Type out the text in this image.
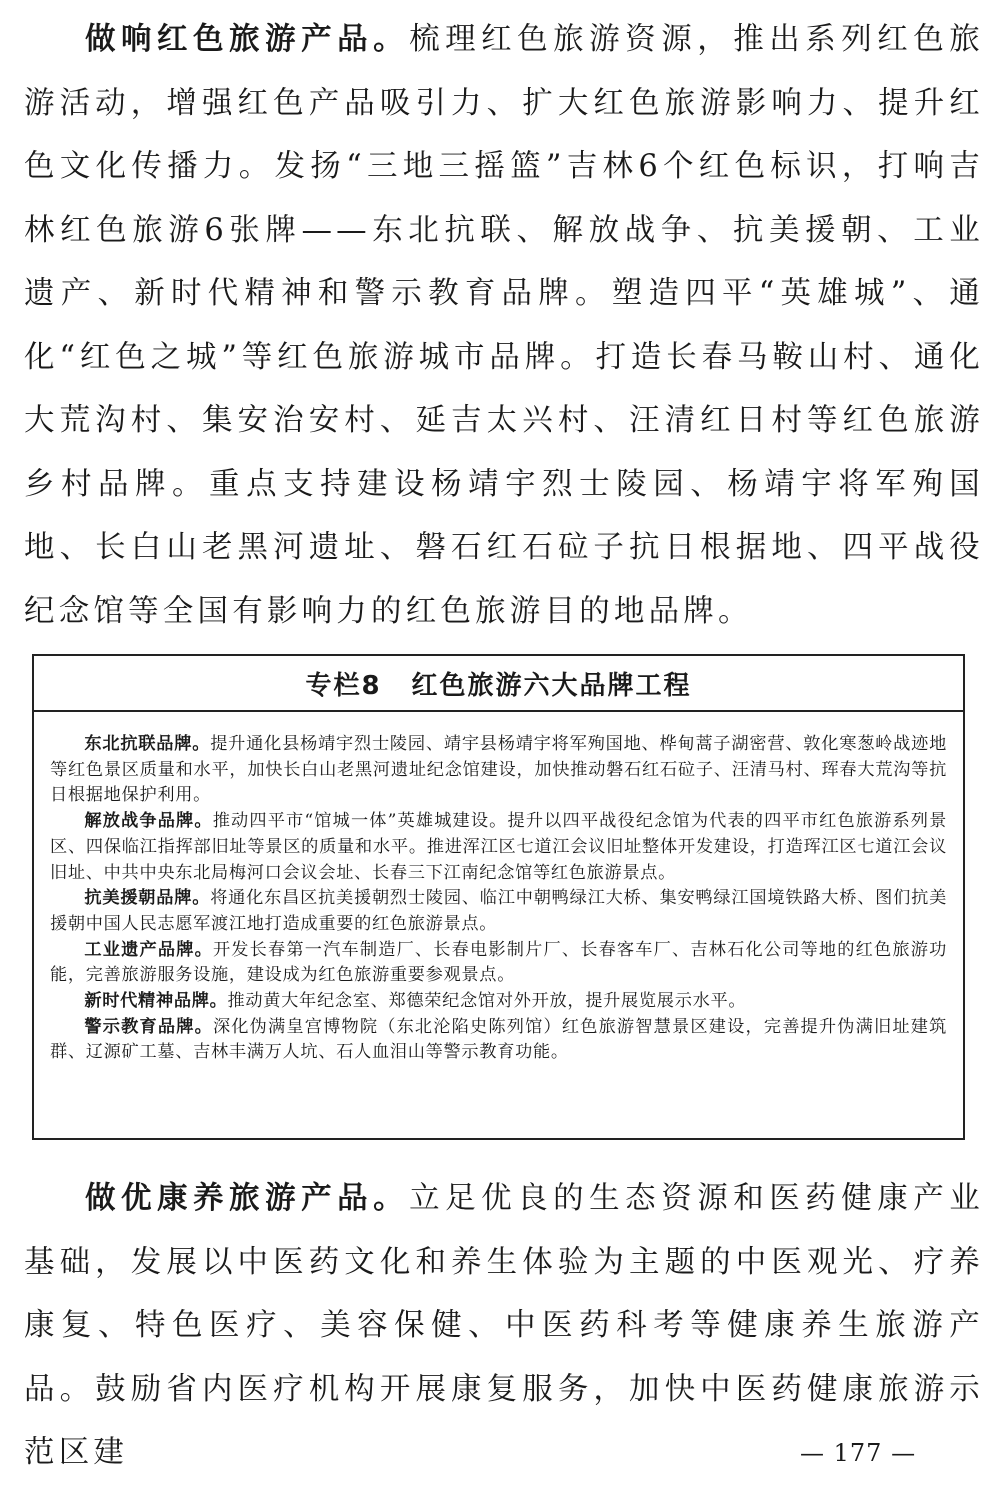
做响红色旅游产品。梳理红色旅游资源，推出系列红色旅游活动，增强红色产品吸引力、扩大红色旅游影响力、提升红色文化传播力。发扬“三地三摇篮”吉林6个红色标识，打响吉林红色旅游6张牌——东北抗联、解放战争、抗美援朝、工业遗产、新时代精神和警示教育品牌。塑造四平“英雄城”、通化“红色之城”等红色旅游城市品牌。打造长春马鞍山村、通化大荒沟村、集安治安村、延吉太兴村、汪清红日村等红色旅游乡村品牌。重点支持建设杨靖宇烈士陵园、杨靖宇将军殉国地、长白山老黑河遗址、磐石红石砬子抗日根据地、四平战役纪念馆等全国有影响力的红色旅游目的地品牌。

专栏8 红色旅游六大品牌工程

东北抗联品牌。提升通化县杨靖宇烈士陵园、靖宇县杨靖宇将军殉国地、桦甸蒿子湖密营、敦化寒葱岭战迹地等红色景区质量和水平，加快长白山老黑河遗址纪念馆建设，加快推动磐石红石砬子、汪清马村、珲春大荒沟等抗日根据地保护利用。

解放战争品牌。推动四平市“馆城一体”英雄城建设。提升以四平战役纪念馆为代表的四平市红色旅游系列景区、四保临江指挥部旧址等景区的质量和水平。推进浑江区七道江会议旧址整体开发建设，打造珲江区七道江会议旧址、中共中央东北局梅河口会议会址、长春三下江南纪念馆等红色旅游景点。

抗美援朝品牌。将通化东昌区抗美援朝烈士陵园、临江中朝鸭绿江大桥、集安鸭绿江国境铁路大桥、图们抗美援朝中国人民志愿军渡江地打造成重要的红色旅游景点。

工业遗产品牌。开发长春第一汽车制造厂、长春电影制片厂、长春客车厂、吉林石化公司等地的红色旅游功能，完善旅游服务设施，建设成为红色旅游重要参观景点。

新时代精神品牌。推动黄大年纪念室、郑德荣纪念馆对外开放，提升展览展示水平。

警示教育品牌。深化伪满皇宫博物院（东北沦陷史陈列馆）红色旅游智慧景区建设，完善提升伪满旧址建筑群、辽源矿工墓、吉林丰满万人坑、石人血泪山等警示教育功能。

做优康养旅游产品。立足优良的生态资源和医药健康产业基础，发展以中医药文化和养生体验为主题的中医观光、疗养康复、特色医疗、美容保健、中医药科考等健康养生旅游产品。鼓励省内医疗机构开展康复服务，加快中医药健康旅游示范区建	— 177 —
